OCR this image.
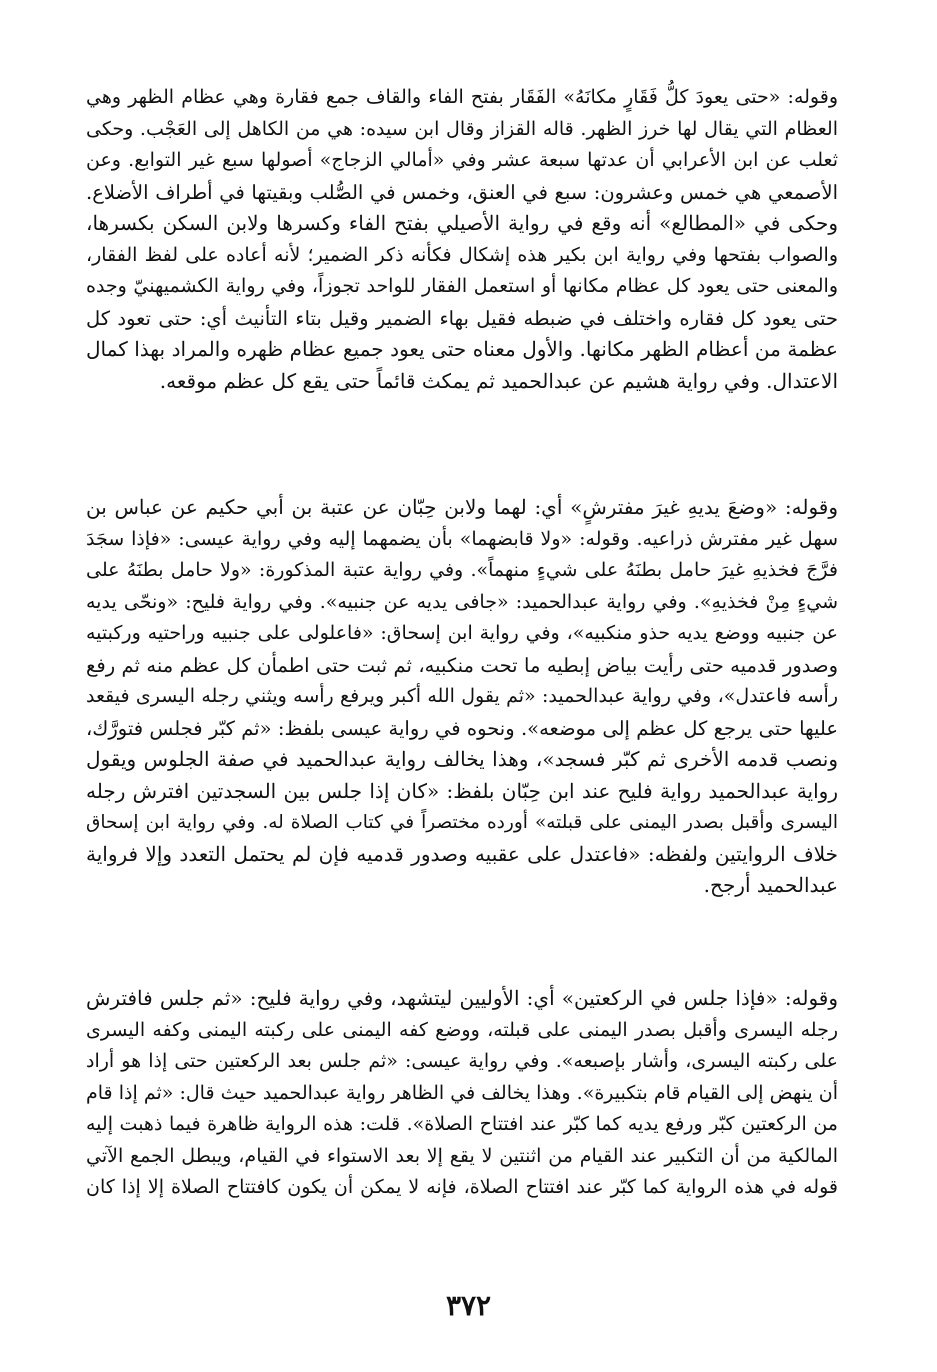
وقوله: «حتى يعودَ كلُّ فَقَارٍ مكانَهُ» الفَقَار بفتح الفاء والقاف جمع فقارة وهي عظام الظهر وهي
العظام التي يقال لها خرز الظهر. قاله القزاز وقال ابن سيده: هي من الكاهل إلى العَجْب. وحكى
ثعلب عن ابن الأعرابي أن عدتها سبعة عشر وفي «أمالي الزجاج» أصولها سبع غير التوابع. وعن
الأصمعي هي خمس وعشرون: سبع في العنق، وخمس في الصُّلب وبقيتها في أطراف الأضلاع.
وحكى في «المطالع» أنه وقع في رواية الأصيلي بفتح الفاء وكسرها ولابن السكن بكسرها،
والصواب بفتحها وفي رواية ابن بكير هذه إشكال فكأنه ذكر الضمير؛ لأنه أعاده على لفظ الفقار،
والمعنى حتى يعود كل عظام مكانها أو استعمل الفقار للواحد تجوزاً، وفي رواية الكشميهنيّ وجده
حتى يعود كل فقاره واختلف في ضبطه فقيل بهاء الضمير وقيل بتاء التأنيث أي: حتى تعود كل
عظمة من أعظام الظهر مكانها. والأول معناه حتى يعود جميع عظام ظهره والمراد بهذا كمال
الاعتدال. وفي رواية هشيم عن عبدالحميد ثم يمكث قائماً حتى يقع كل عظم موقعه.
وقوله: «وضعَ يديهِ غيرَ مفترشٍ» أي: لهما ولابن حِبّان عن عتبة بن أبي حكيم عن عباس بن
سهل غير مفترش ذراعيه. وقوله: «ولا قابضهما» بأن يضمهما إليه وفي رواية عيسى: «فإذا سجَدَ
فرَّجَ فخذيهِ غيرَ حامل بطنَهُ على شيءٍ منهماً». وفي رواية عتبة المذكورة: «ولا حامل بطنَهُ على
شيءٍ مِنْ فخذيهِ». وفي رواية عبدالحميد: «جافى يديه عن جنبيه». وفي رواية فليح: «ونحّى يديه
عن جنبيه ووضع يديه حذو منكبيه»، وفي رواية ابن إسحاق: «فاعلولى على جنبيه وراحتيه وركبتيه
وصدور قدميه حتى رأيت بياض إبطيه ما تحت منكبيه، ثم ثبت حتى اطمأن كل عظم منه ثم رفع
رأسه فاعتدل»، وفي رواية عبدالحميد: «ثم يقول الله أكبر ويرفع رأسه ويثني رجله اليسرى فيقعد
عليها حتى يرجع كل عظم إلى موضعه». ونحوه في رواية عيسى بلفظ: «ثم كبّر فجلس فتورَّك،
ونصب قدمه الأخرى ثم كبّر فسجد»، وهذا يخالف رواية عبدالحميد في صفة الجلوس ويقول
رواية عبدالحميد رواية فليح عند ابن حِبّان بلفظ: «كان إذا جلس بين السجدتين افترش رجله
اليسرى وأقبل بصدر اليمنى على قبلته» أورده مختصراً في كتاب الصلاة له. وفي رواية ابن إسحاق
خلاف الروايتين ولفظه: «فاعتدل على عقبيه وصدور قدميه فإن لم يحتمل التعدد وإلا فرواية
عبدالحميد أرجح.
وقوله: «فإذا جلس في الركعتين» أي: الأوليين ليتشهد، وفي رواية فليح: «ثم جلس فافترش
رجله اليسرى وأقبل بصدر اليمنى على قبلته، ووضع كفه اليمنى على ركبته اليمنى وكفه اليسرى
على ركبته اليسرى، وأشار بإصبعه». وفي رواية عيسى: «ثم جلس بعد الركعتين حتى إذا هو أراد
أن ينهض إلى القيام قام بتكبيرة». وهذا يخالف في الظاهر رواية عبدالحميد حيث قال: «ثم إذا قام
من الركعتين كبّر ورفع يديه كما كبّر عند افتتاح الصلاة». قلت: هذه الرواية ظاهرة فيما ذهبت إليه
المالكية من أن التكبير عند القيام من اثنتين لا يقع إلا بعد الاستواء في القيام، ويبطل الجمع الآتي
قوله في هذه الرواية كما كبّر عند افتتاح الصلاة، فإنه لا يمكن أن يكون كافتتاح الصلاة إلا إذا كان
٣٧٢
